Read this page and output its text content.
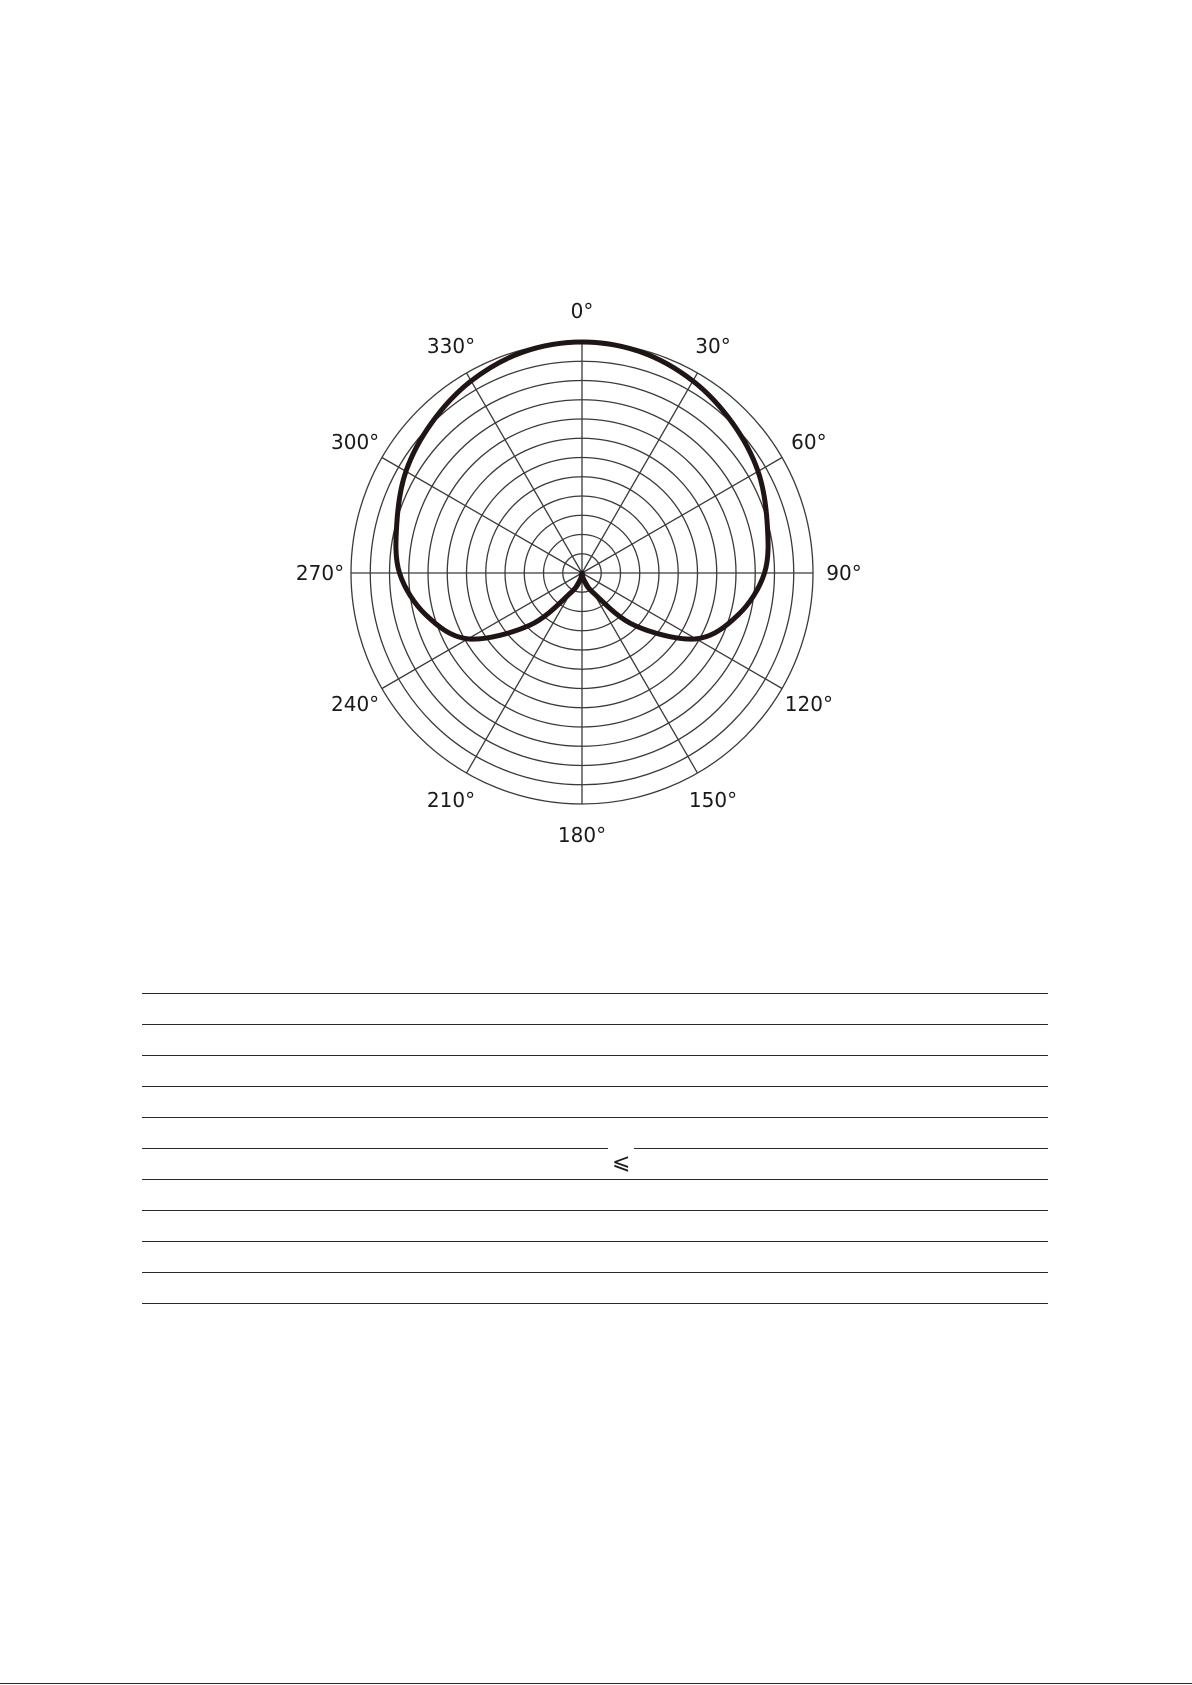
0°
30°
60°
90°
120°
150°
180°
210°
240°
270°
300°
330°
⩽
